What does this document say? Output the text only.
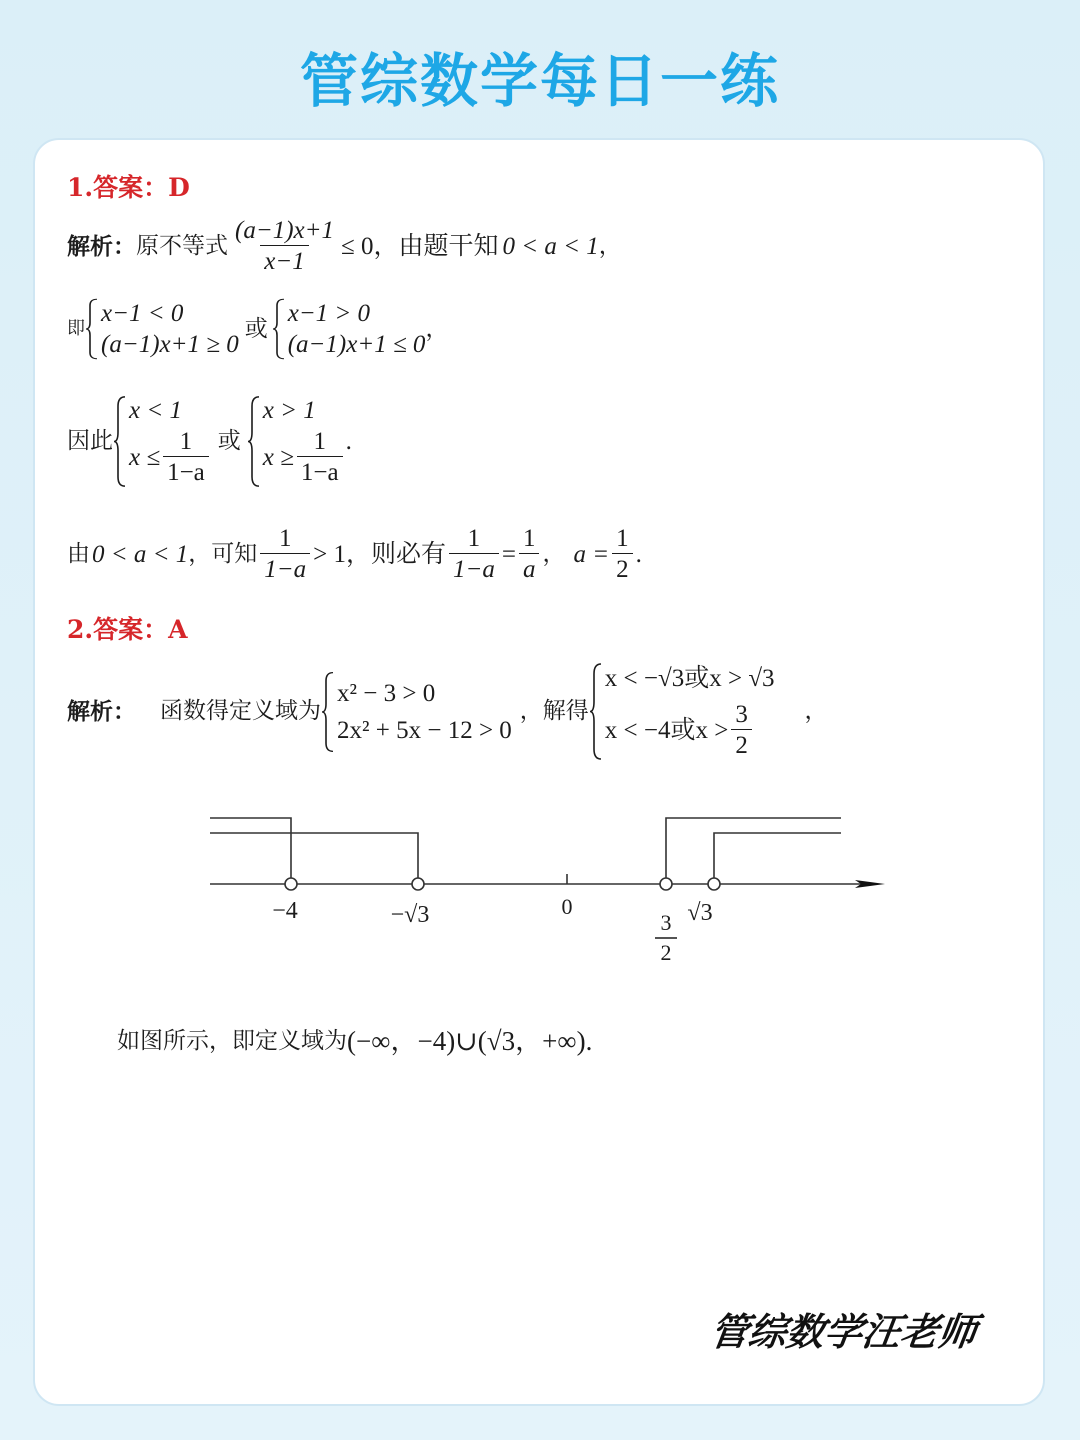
管综数学每日一练
1.答案：D
解析： 原不等式 $\frac{(a-1)x+1}{x-1} \le 0$，由题干知 0 < a < 1 ，
即
x−1 < 0
(a−1)x+1 ≥ 0
或
x−1 > 0
(a−1)x+1 ≤ 0
，
因此
x < 1
$x \le \frac{1}{1-a}$ 或
x > 1
$x \ge \frac{1}{1-a}$ .
由 0 < a < 1 ，可知 $\frac{1}{1-a} > 1$，则必有 $\frac{1}{1-a} = \frac{1}{a}$ ， $a = \frac{1}{2}$ .
2.答案：A
解析： 函数得定义域为
x² − 3 > 0
2x² + 5x − 12 > 0
，解得
x < −√3或x > √3
x < −4或$x > \frac{3}{2}$ ，
−4	−√3	0	√3
3
2
如图所示，即定义域为 (−∞，−4)∪(√3，+∞).
管综数学汪老师
